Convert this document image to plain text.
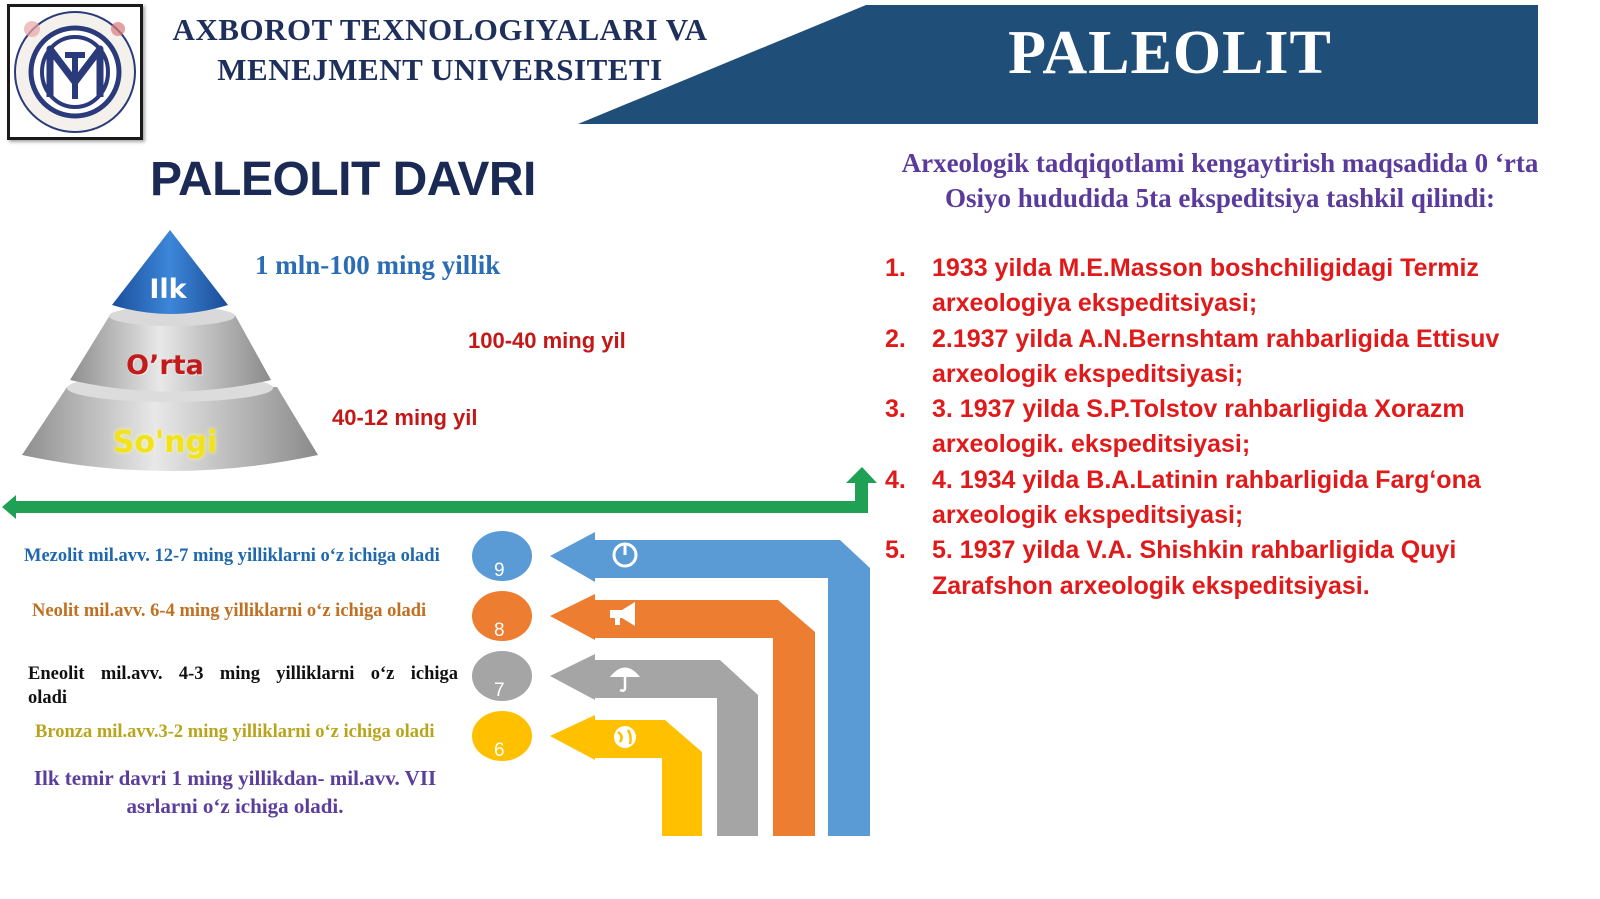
AXBOROT TEXNOLOGIYALARI VA
MENEJMENT UNIVERSITETI	PALEOLIT
PALEOLIT DAVRI
Ilk
O’rta
So'ngi
1 mln-100 ming yillik
100-40 ming yil
40-12 ming yil
Mezolit mil.avv. 12-7 ming yilliklarni o‘z ichiga oladi
Neolit mil.avv. 6-4 ming yilliklarni o‘z ichiga oladi
Eneolit mil.avv. 4-3 ming yilliklarni o‘z ichiga
oladi
Bronza mil.avv.3-2 ming yilliklarni o‘z ichiga oladi
Ilk temir davri 1 ming yillikdan- mil.avv. VII asrlarni o‘z ichiga oladi.
9
8
7
6
Arxeologik tadqiqotlami kengaytirish maqsadida 0 ‘rta Osiyo hududida 5ta ekspeditsiya tashkil qilindi:
1. 1933 yilda M.E.Masson boshchiligidagi Termiz arxeologiya ekspeditsiyasi;
2. 2.1937 yilda A.N.Bernshtam rahbarligida Ettisuv arxeologik ekspeditsiyasi;
3. 3. 1937 yilda S.P.Tolstov rahbarligida Xorazm arxeologik. ekspeditsiyasi;
4. 4. 1934 yilda B.A.Latinin rahbarligida Farg‘ona arxeologik ekspeditsiyasi;
5. 5. 1937 yilda V.A. Shishkin rahbarligida Quyi Zarafshon arxeologik ekspeditsiyasi.
